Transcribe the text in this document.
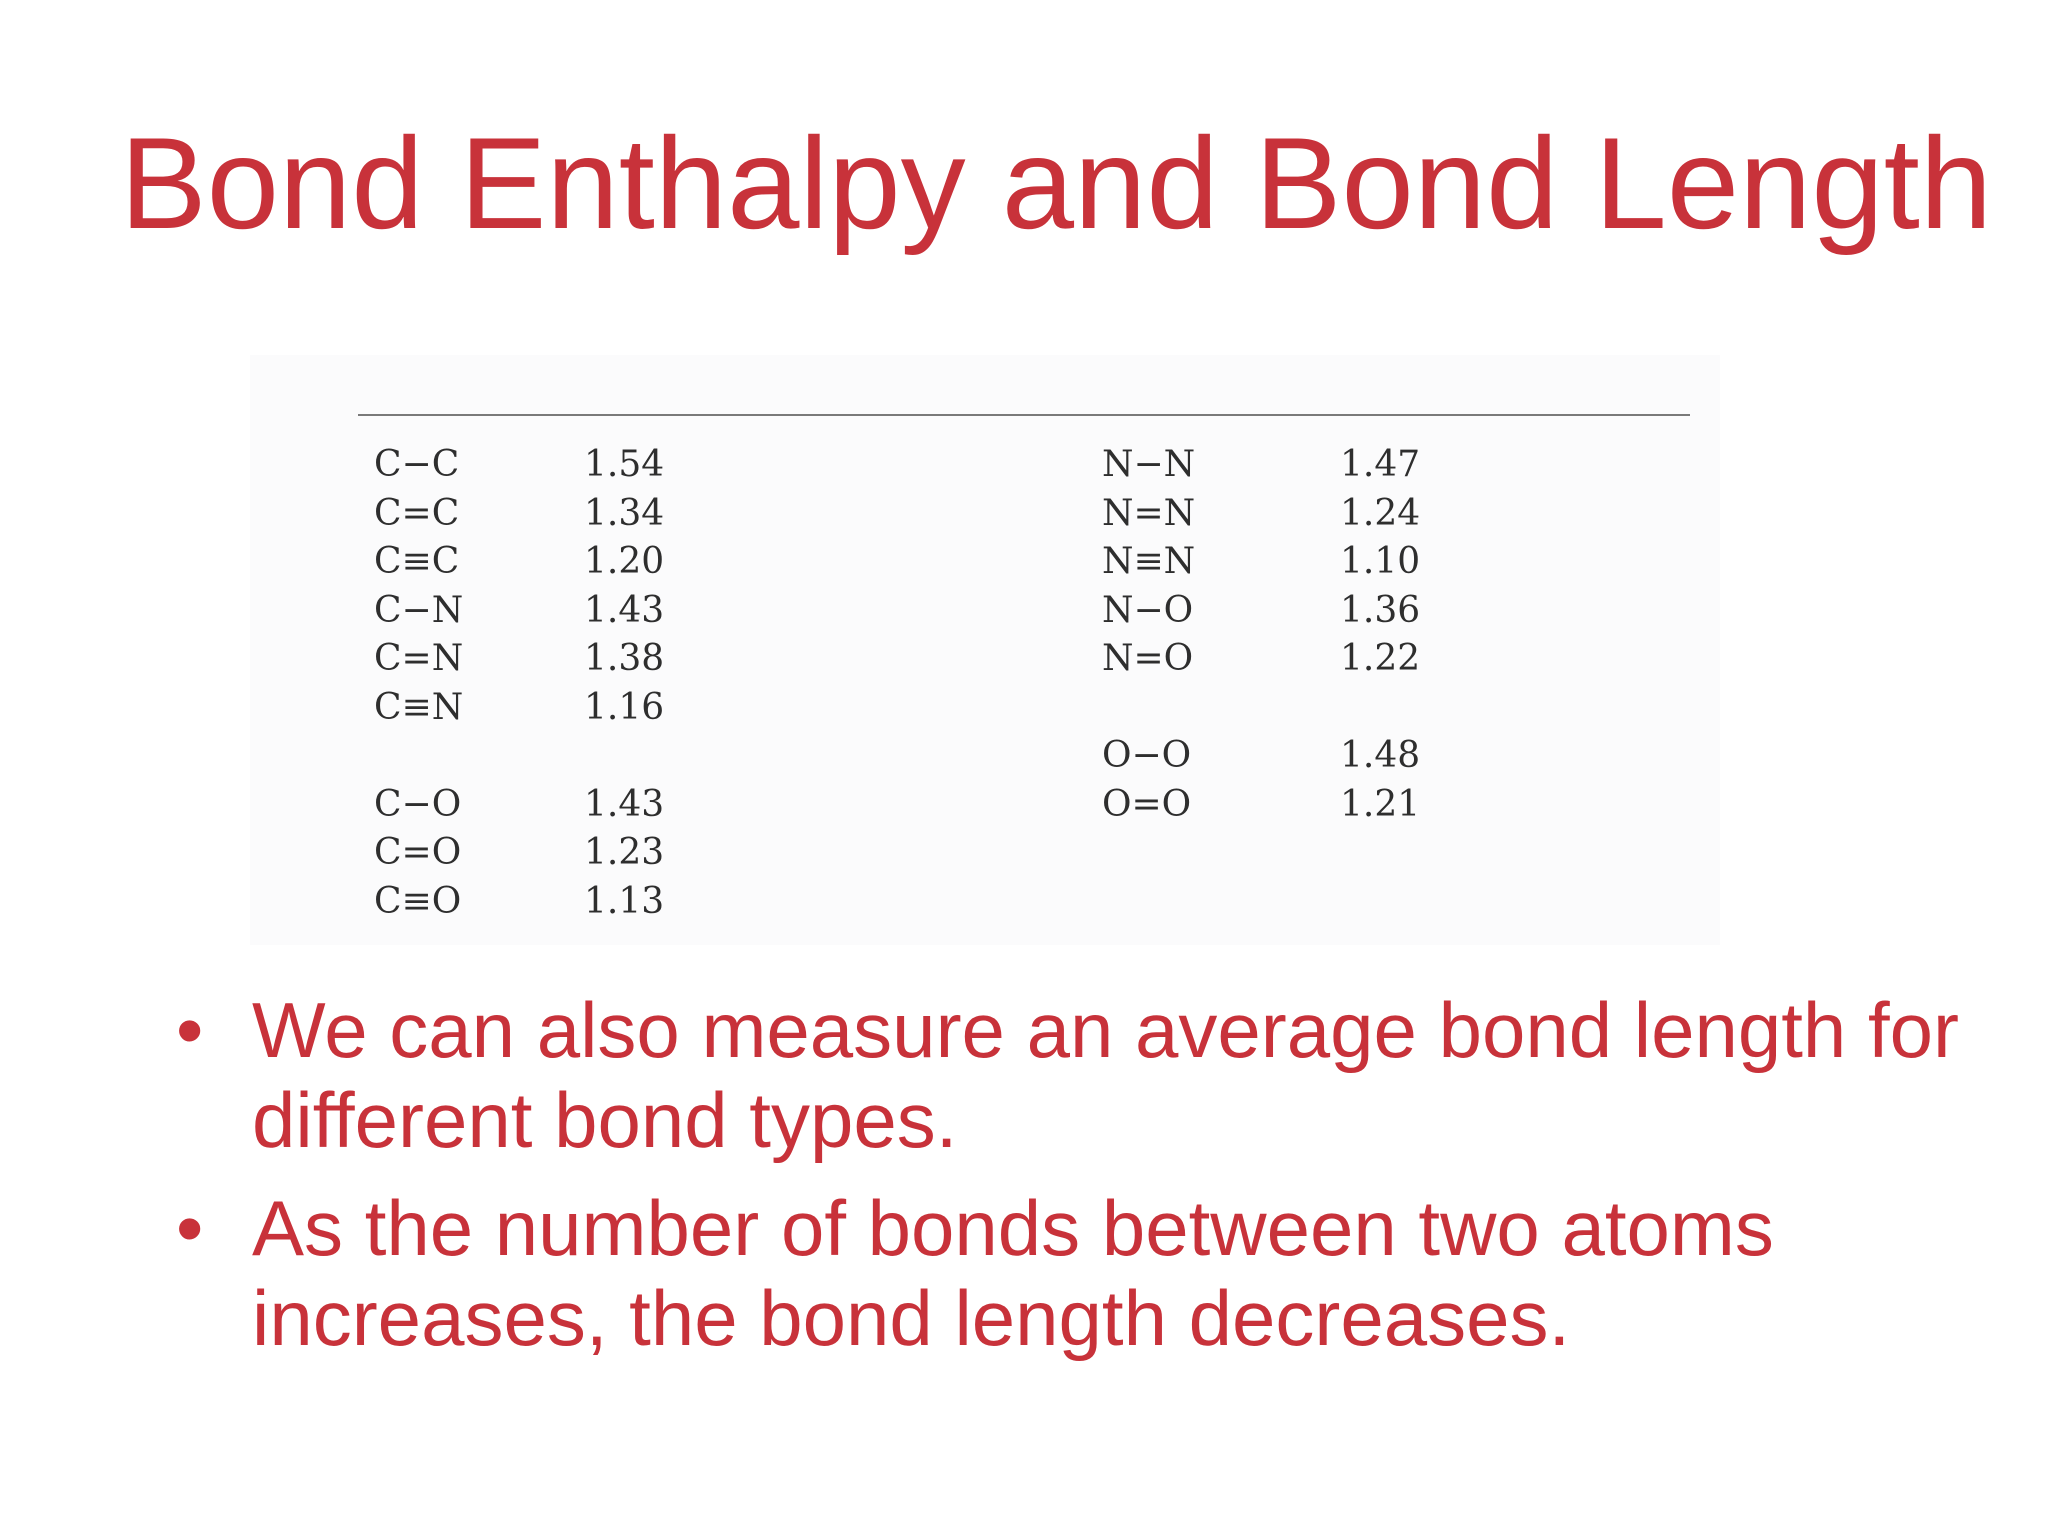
Bond Enthalpy and Bond Length
C−C
C=C
C≡C
C−N
C=N
C≡N
C−O
C=O
C≡O
1.54
1.34
1.20
1.43
1.38
1.16
1.43
1.23
1.13
N−N
N=N
N≡N
N−O
N=O
O−O
O=O
1.47
1.24
1.10
1.36
1.22
1.48
1.21
• We can also measure an average bond length for different bond types.
• As the number of bonds between two atoms increases, the bond length decreases.
